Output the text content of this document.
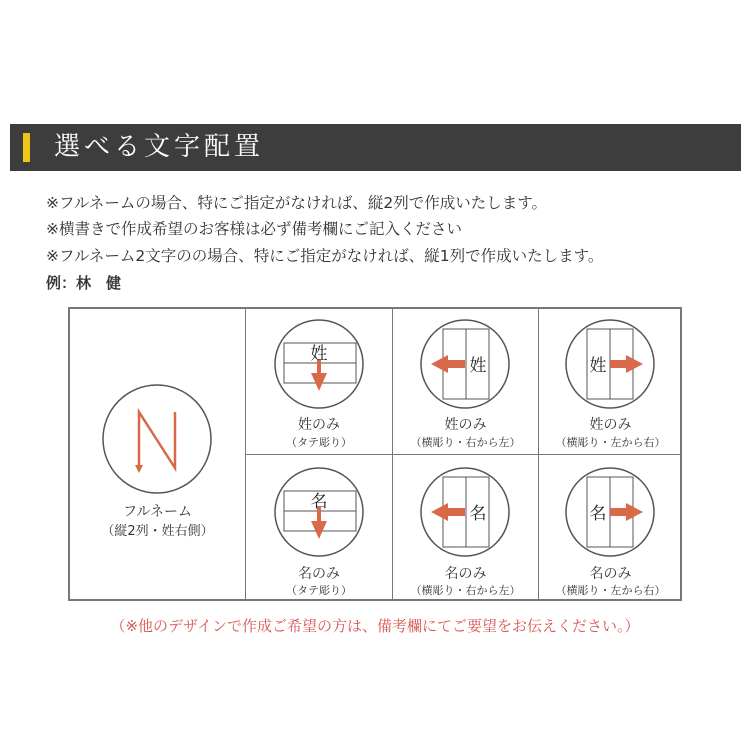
選べる文字配置
※フルネームの場合、特にご指定がなければ、縦2列で作成いたします。
※横書きで作成希望のお客様は必ず備考欄にご記入ください
※フルネーム2文字のの場合、特にご指定がなければ、縦1列で作成いたします。
例：林　健
フルネーム
（縦2列・姓右側）
姓
姓のみ
（タテ彫り）
姓
姓のみ
（横彫り・右から左）
姓
姓のみ
（横彫り・左から右）
名
名のみ
（タテ彫り）
名
名のみ
（横彫り・右から左）
名
名のみ
（横彫り・左から右）
（※他のデザインで作成ご希望の方は、備考欄にてご要望をお伝えください。）
